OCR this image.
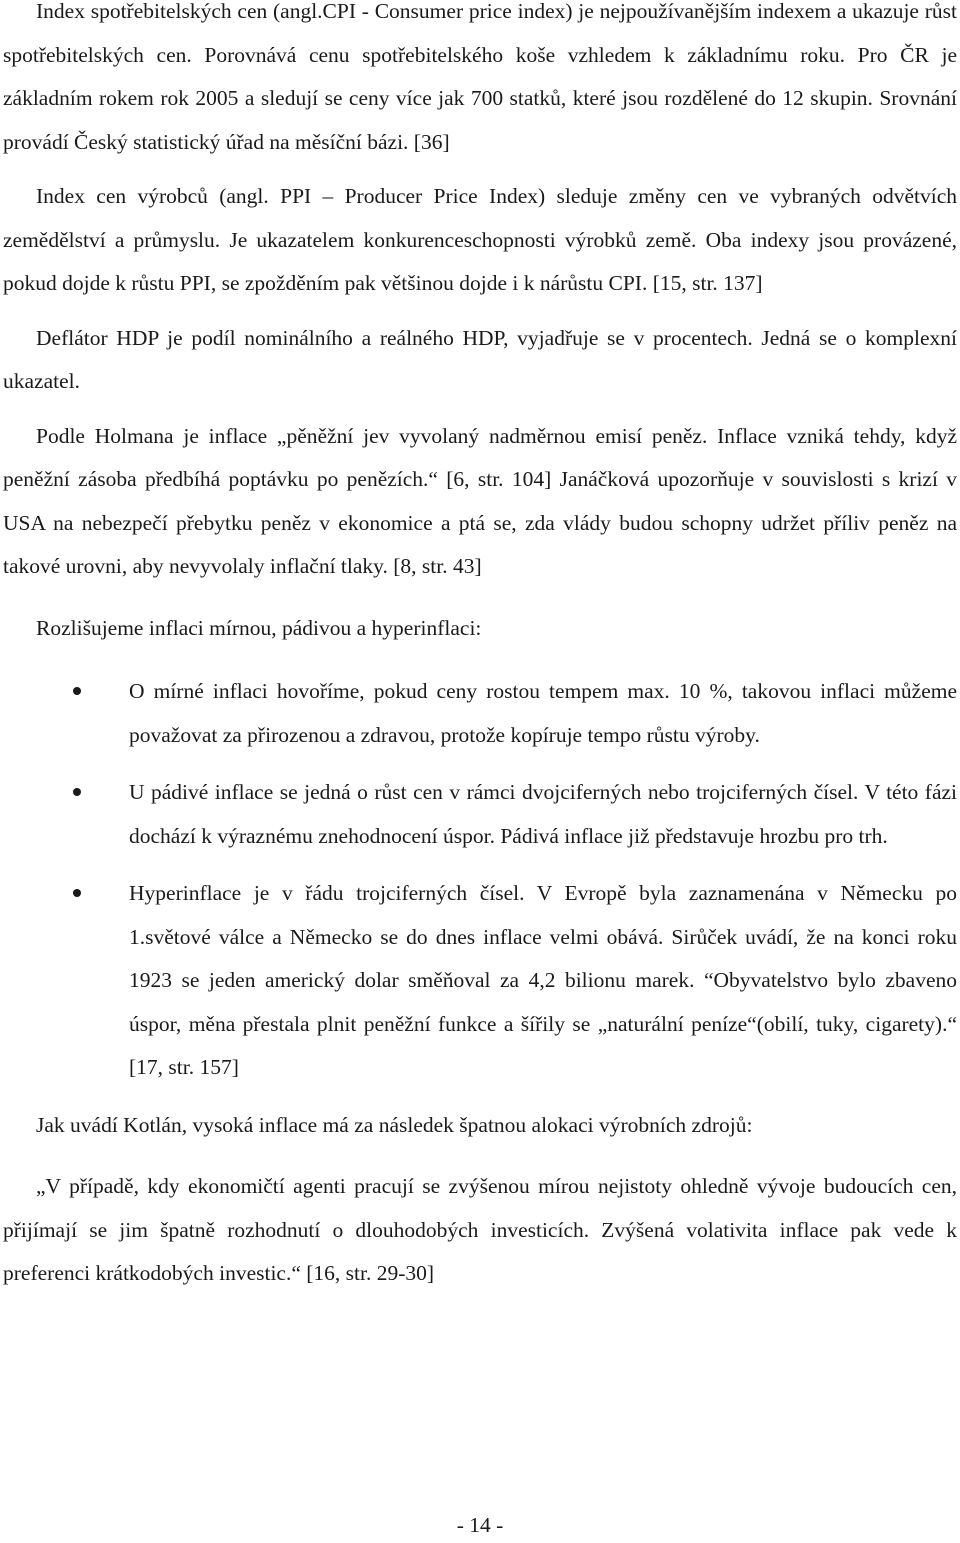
Index spotřebitelských cen (angl.CPI - Consumer price index) je nejpoužívanějším indexem a ukazuje růst spotřebitelských cen. Porovnává cenu spotřebitelského koše vzhledem k základnímu roku. Pro ČR je základním rokem rok 2005 a sledují se ceny více jak 700 statků, které jsou rozdělené do 12 skupin. Srovnání provádí Český statistický úřad na měsíční bázi. [36]

Index cen výrobců (angl. PPI – Producer Price Index) sleduje změny cen ve vybraných odvětvích zemědělství a průmyslu. Je ukazatelem konkurenceschopnosti výrobků země. Oba indexy jsou provázené, pokud dojde k růstu PPI, se zpožděním pak většinou dojde i k nárůstu CPI. [15, str. 137]

Deflátor HDP je podíl nominálního a reálného HDP, vyjadřuje se v procentech. Jedná se o komplexní ukazatel.

Podle Holmana je inflace „pěněžní jev vyvolaný nadměrnou emisí peněz. Inflace vzniká tehdy, když peněžní zásoba předbíhá poptávku po penězích.“ [6, str. 104] Janáčková upozorňuje v souvislosti s krizí v USA na nebezpečí přebytku peněz v ekonomice a ptá se, zda vlády budou schopny udržet příliv peněz na takové urovni, aby nevyvolaly inflační tlaky. [8, str. 43]

Rozlišujeme inflaci mírnou, pádivou a hyperinflaci:

O mírné inflaci hovoříme, pokud ceny rostou tempem max. 10 %, takovou inflaci můžeme považovat za přirozenou a zdravou, protože kopíruje tempo růstu výroby.
U pádivé inflace se jedná o růst cen v rámci dvojciferných nebo trojciferných čísel. V této fázi dochází k výraznému znehodnocení úspor. Pádivá inflace již představuje hrozbu pro trh.
Hyperinflace je v řádu trojciferných čísel. V Evropě byla zaznamenána v Německu po 1.světové válce a Německo se do dnes inflace velmi obává. Sirůček uvádí, že na konci roku 1923 se jeden americký dolar směňoval za 4,2 bilionu marek. “Obyvatelstvo bylo zbaveno úspor, měna přestala plnit peněžní funkce a šířily se „naturální peníze“(obilí, tuky, cigarety).“ [17, str. 157]

Jak uvádí Kotlán, vysoká inflace má za následek špatnou alokaci výrobních zdrojů:

„V případě, kdy ekonomičtí agenti pracují se zvýšenou mírou nejistoty ohledně vývoje budoucích cen, přijímají se jim špatně rozhodnutí o dlouhodobých investicích. Zvýšená volativita inflace pak vede k preferenci krátkodobých investic.“ [16, str. 29-30]

- 14 -
